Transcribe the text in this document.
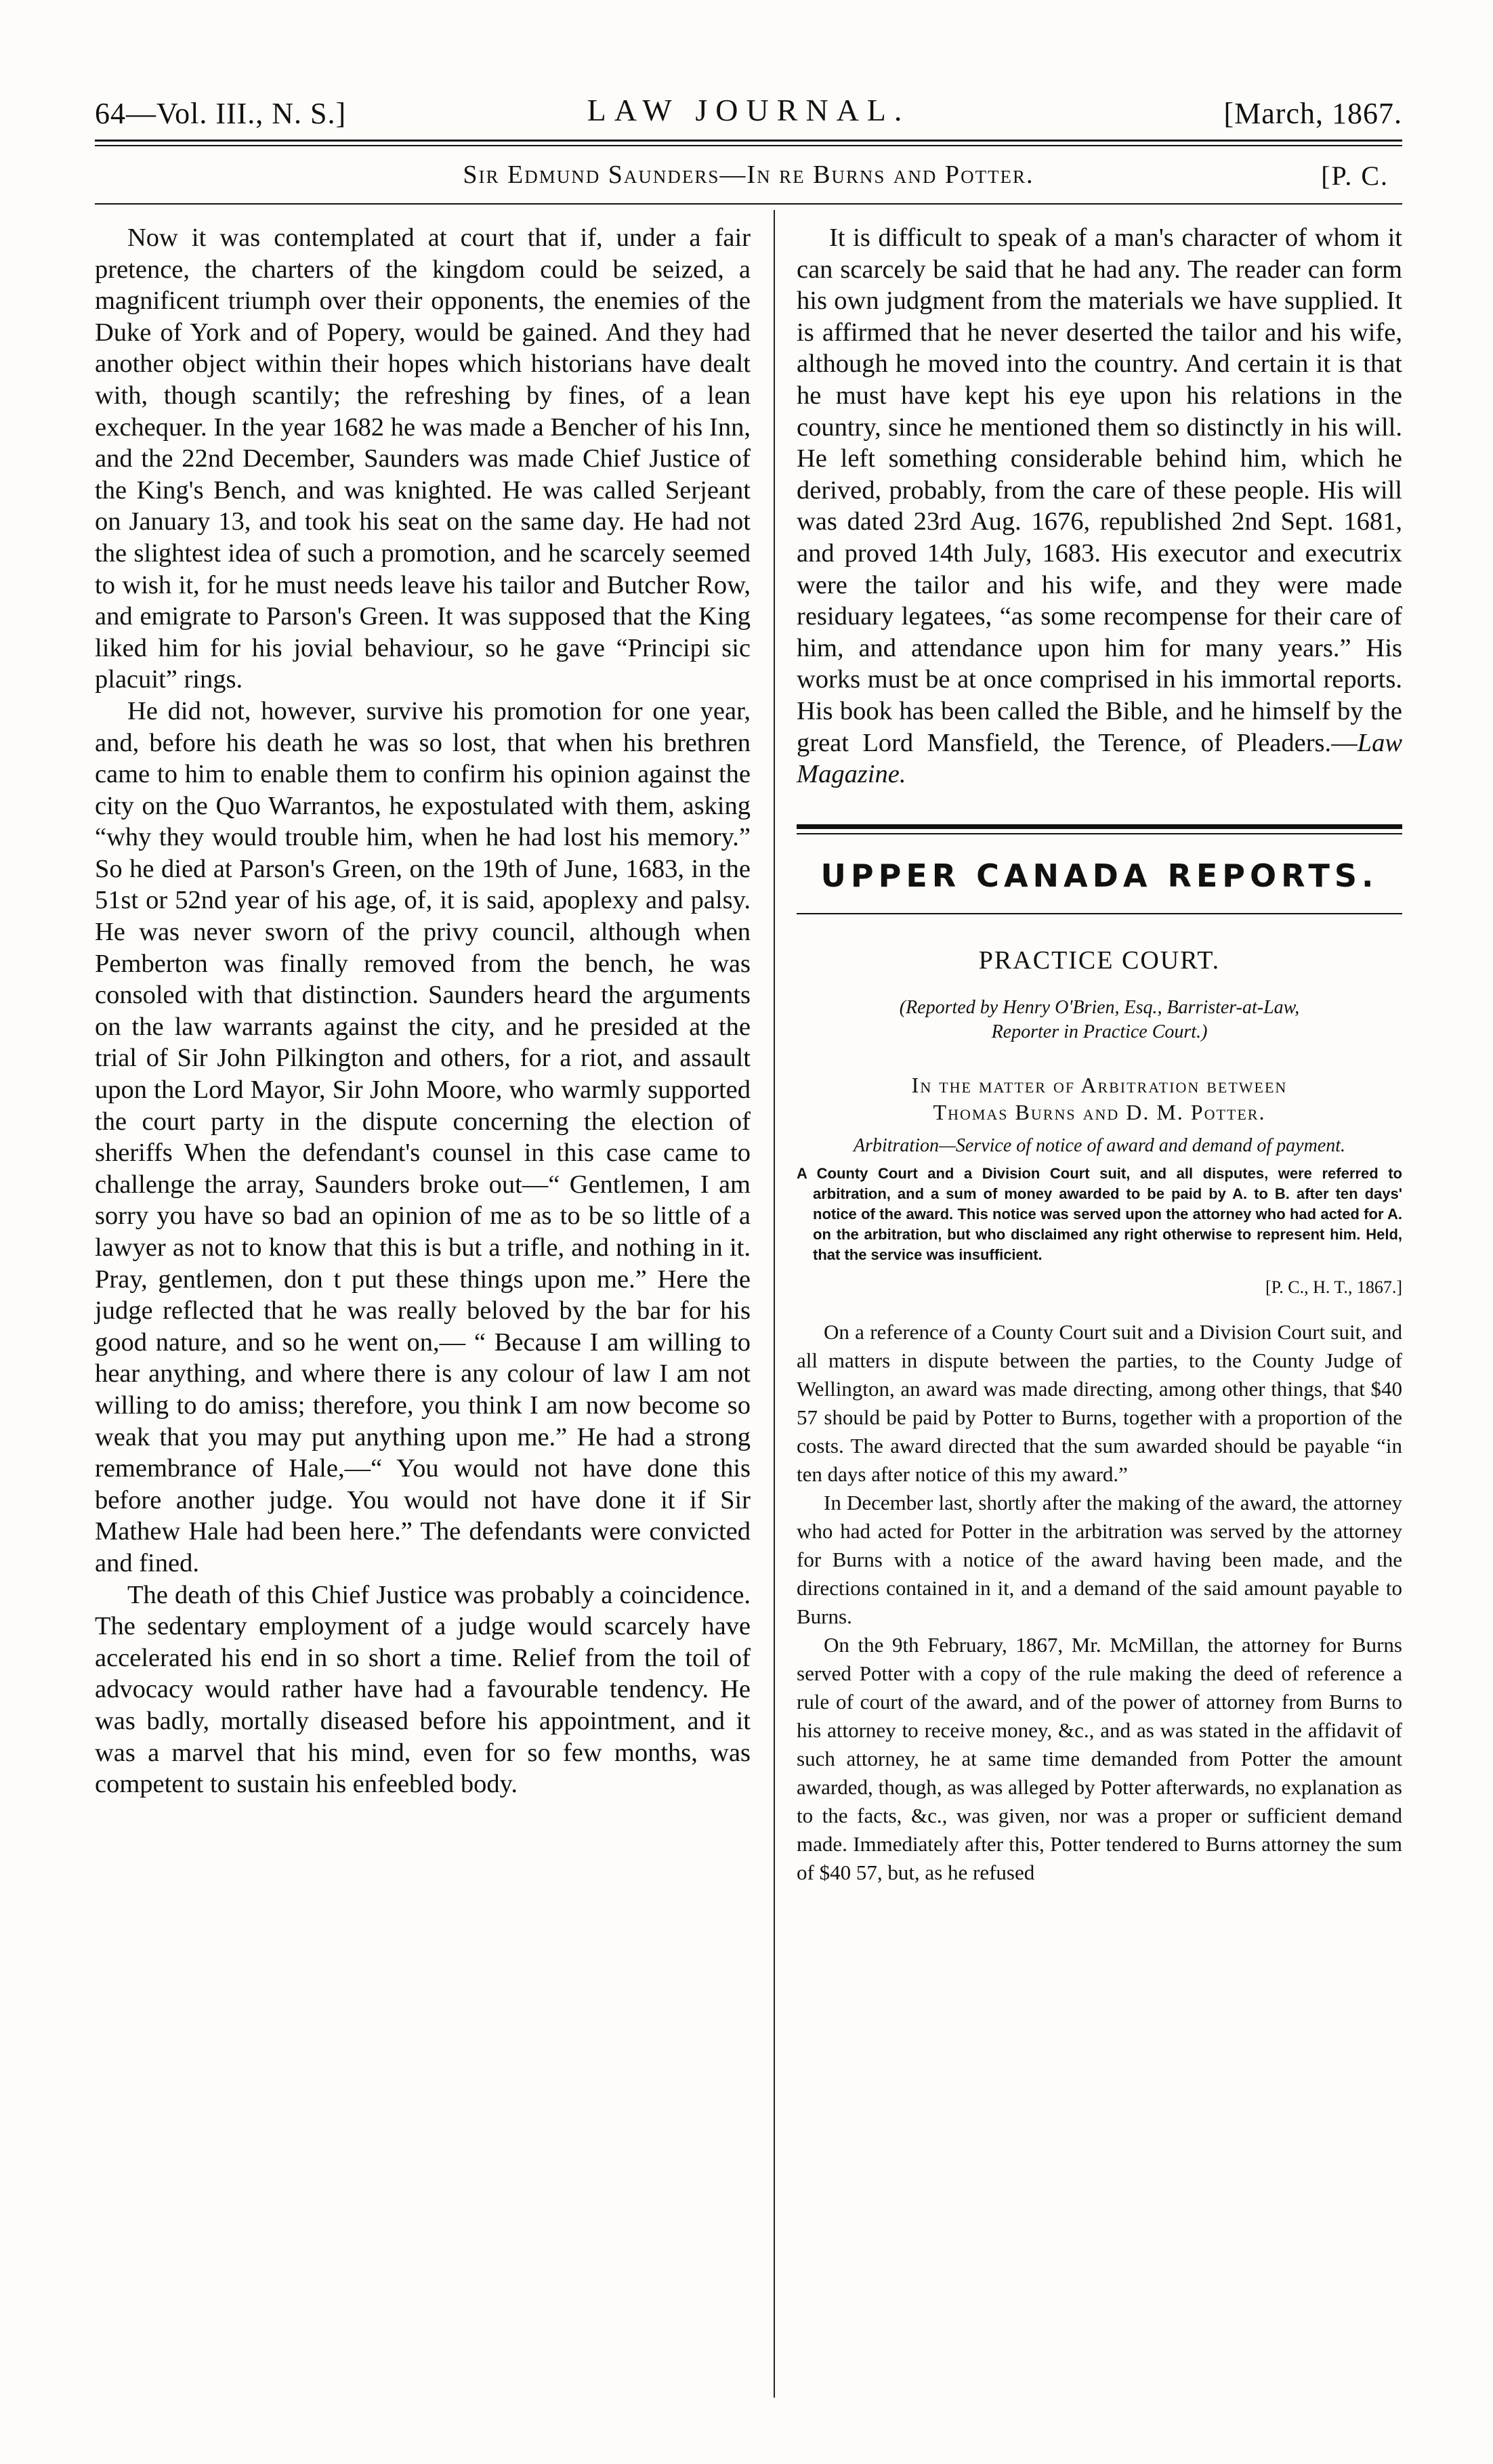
64—Vol. III., N. S.]	LAW JOURNAL.	[March, 1867.
Sir Edmund Saunders—In re Burns and Potter.	[P. C.

Now it was contemplated at court that if, under a fair pretence, the charters of the kingdom could be seized, a magnificent triumph over their opponents, the enemies of the Duke of York and of Popery, would be gained. And they had another object within their hopes which historians have dealt with, though scantily; the refreshing by fines, of a lean exchequer. In the year 1682 he was made a Bencher of his Inn, and the 22nd December, Saunders was made Chief Justice of the King's Bench, and was knighted. He was called Serjeant on January 13, and took his seat on the same day. He had not the slightest idea of such a promotion, and he scarcely seemed to wish it, for he must needs leave his tailor and Butcher Row, and emigrate to Parson's Green. It was supposed that the King liked him for his jovial behaviour, so he gave “Principi sic placuit” rings.

He did not, however, survive his promotion for one year, and, before his death he was so lost, that when his brethren came to him to enable them to confirm his opinion against the city on the Quo Warrantos, he expostulated with them, asking “why they would trouble him, when he had lost his memory.” So he died at Parson's Green, on the 19th of June, 1683, in the 51st or 52nd year of his age, of, it is said, apoplexy and palsy. He was never sworn of the privy council, although when Pemberton was finally removed from the bench, he was consoled with that distinction. Saunders heard the arguments on the law warrants against the city, and he presided at the trial of Sir John Pilkington and others, for a riot, and assault upon the Lord Mayor, Sir John Moore, who warmly supported the court party in the dispute concerning the election of sheriffs When the defendant's counsel in this case came to challenge the array, Saunders broke out—“ Gentlemen, I am sorry you have so bad an opinion of me as to be so little of a lawyer as not to know that this is but a trifle, and nothing in it. Pray, gentlemen, don t put these things upon me.” Here the judge reflected that he was really beloved by the bar for his good nature, and so he went on,— “ Because I am willing to hear anything, and where there is any colour of law I am not willing to do amiss; therefore, you think I am now become so weak that you may put anything upon me.” He had a strong remembrance of Hale,—“ You would not have done this before another judge. You would not have done it if Sir Mathew Hale had been here.” The defendants were convicted and fined.

The death of this Chief Justice was probably a coincidence. The sedentary employment of a judge would scarcely have accelerated his end in so short a time. Relief from the toil of advocacy would rather have had a favourable tendency. He was badly, mortally diseased before his appointment, and it was a marvel that his mind, even for so few months, was competent to sustain his enfeebled body.

It is difficult to speak of a man's character of whom it can scarcely be said that he had any. The reader can form his own judgment from the materials we have supplied. It is affirmed that he never deserted the tailor and his wife, although he moved into the country. And certain it is that he must have kept his eye upon his relations in the country, since he mentioned them so distinctly in his will. He left something considerable behind him, which he derived, probably, from the care of these people. His will was dated 23rd Aug. 1676, republished 2nd Sept. 1681, and proved 14th July, 1683. His executor and executrix were the tailor and his wife, and they were made residuary legatees, “as some recompense for their care of him, and attendance upon him for many years.” His works must be at once comprised in his immortal reports. His book has been called the Bible, and he himself by the great Lord Mansfield, the Terence, of Pleaders.—Law Magazine.

UPPER CANADA REPORTS.
PRACTICE COURT.
(Reported by Henry O'Brien, Esq., Barrister-at-Law,
Reporter in Practice Court.)
In the matter of Arbitration between
Thomas Burns and D. M. Potter.
Arbitration—Service of notice of award and demand of payment.

A County Court and a Division Court suit, and all disputes, were referred to arbitration, and a sum of money awarded to be paid by A. to B. after ten days' notice of the award. This notice was served upon the attorney who had acted for A. on the arbitration, but who disclaimed any right otherwise to represent him. Held, that the service was insufficient.

[P. C., H. T., 1867.]

On a reference of a County Court suit and a Division Court suit, and all matters in dispute between the parties, to the County Judge of Wellington, an award was made directing, among other things, that $40 57 should be paid by Potter to Burns, together with a proportion of the costs. The award directed that the sum awarded should be payable “in ten days after notice of this my award.”

In December last, shortly after the making of the award, the attorney who had acted for Potter in the arbitration was served by the attorney for Burns with a notice of the award having been made, and the directions contained in it, and a demand of the said amount payable to Burns.

On the 9th February, 1867, Mr. McMillan, the attorney for Burns served Potter with a copy of the rule making the deed of reference a rule of court of the award, and of the power of attorney from Burns to his attorney to receive money, &c., and as was stated in the affidavit of such attorney, he at same time demanded from Potter the amount awarded, though, as was alleged by Potter afterwards, no explanation as to the facts, &c., was given, nor was a proper or sufficient demand made. Immediately after this, Potter tendered to Burns attorney the sum of $40 57, but, as he refused
